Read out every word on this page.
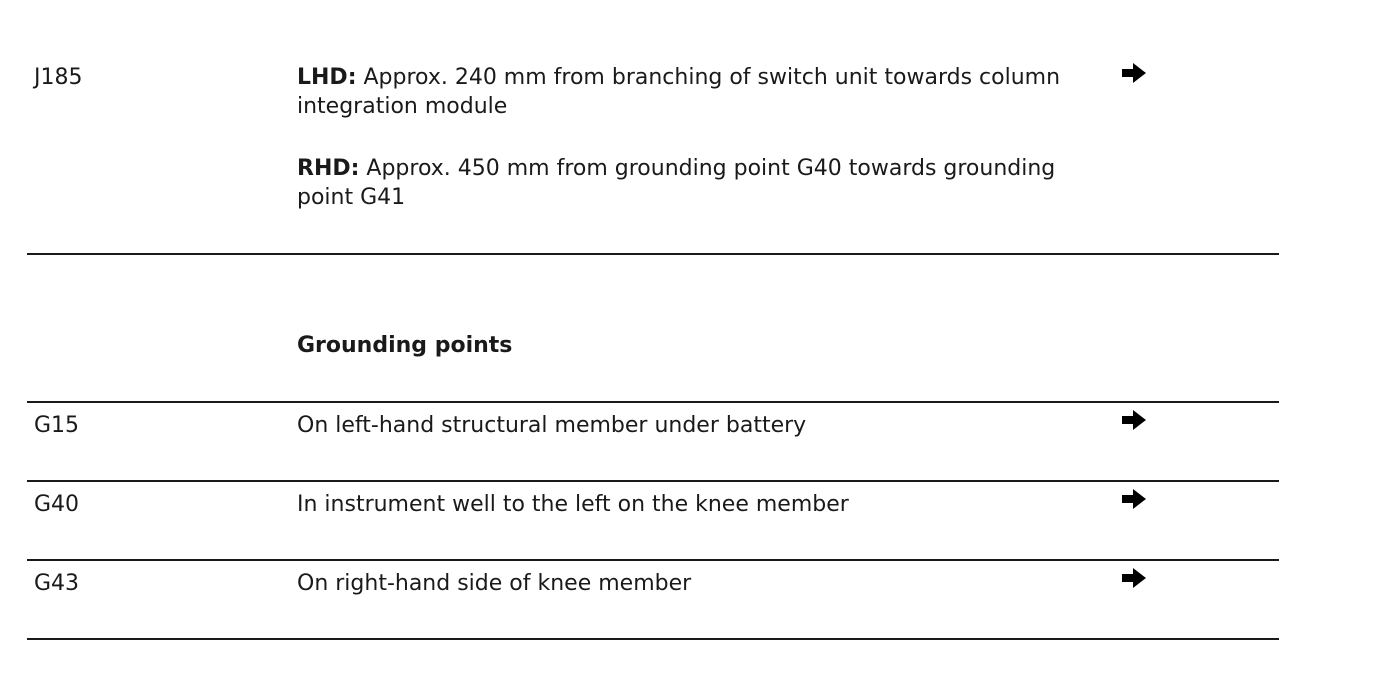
J185	LHD: Approx. 240 mm from branching of switch unit towards column integration module
RHD: Approx. 450 mm from grounding point G40 towards grounding point G41
Grounding points
G15	On left-hand structural member under battery
G40	In instrument well to the left on the knee member
G43	On right-hand side of knee member
